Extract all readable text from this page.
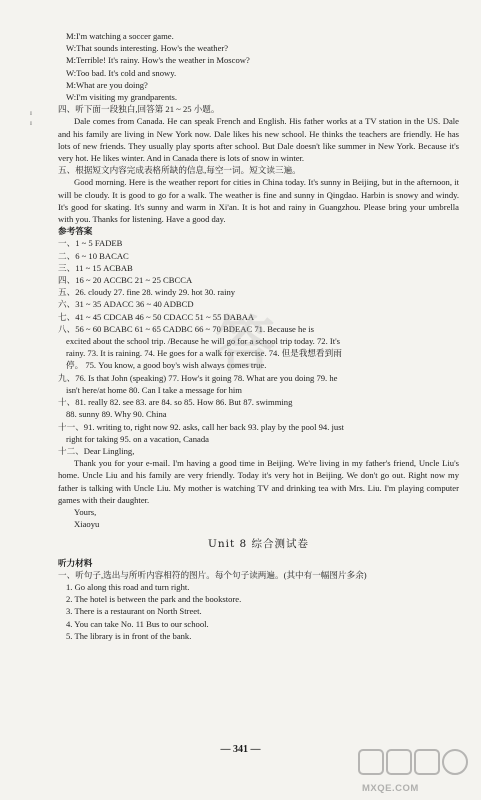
ɪ
ɪ
M:I'm watching a soccer game.
W:That sounds interesting. How's the weather?
M:Terrible! It's rainy. How's the weather in Moscow?
W:Too bad. It's cold and snowy.
M:What are you doing?
W:I'm visiting my grandparents.
四、听下面一段独白,回答第 21 ~ 25 小题。
Dale comes from Canada. He can speak French and English. His father works at a TV station in the US. Dale and his family are living in New York now. Dale likes his new school. He thinks the teachers are friendly. He has lots of new friends. They usually play sports after school. But Dale doesn't like summer in New York. Because it's very hot. He likes winter. And in Canada there is lots of snow in winter.
五、根据短文内容完成表格所缺的信息,每空一词。短文读三遍。
Good morning. Here is the weather report for cities in China today. It's sunny in Beijing, but in the afternoon, it will be cloudy. It is good to go for a walk. The weather is fine and sunny in Qingdao. Harbin is snowy and windy. It's good for skating. It's sunny and warm in Xi'an. It is hot and rainy in Guangzhou. Please bring your umbrella with you. Thanks for listening. Have a good day.
参考答案
一、1 ~ 5 FADEB
二、6 ~ 10 BACAC
三、11 ~ 15 ACBAB
四、16 ~ 20 ACCBC 21 ~ 25 CBCCA
五、26. cloudy 27. fine 28. windy 29. hot 30. rainy
六、31 ~ 35 ADACC 36 ~ 40 ADBCD
七、41 ~ 45 CDCAB 46 ~ 50 CDACC 51 ~ 55 DABAA
八、56 ~ 60 BCABC 61 ~ 65 CADBC 66 ~ 70 BDEAC 71. Because he is
excited about the school trip. /Because he will go for a school trip today. 72. It's
rainy. 73. It is raining. 74. He goes for a walk for exercise. 74. 但是我想看到雨
停。 75. You know, a good boy's wish always comes true.
九、76. Is that John (speaking) 77. How's it going 78. What are you doing 79. he
isn't here/at home 80. Can I take a message for him
十、81. really 82. see 83. are 84. so 85. How 86. But 87. swimming
88. sunny 89. Why 90. China
十一、91. writing to, right now 92. asks, call her back 93. play by the pool 94. just
right for taking 95. on a vacation, Canada
十二、Dear Lingling,
Thank you for your e-mail. I'm having a good time in Beijing. We're living in my father's friend, Uncle Liu's home. Uncle Liu and his family are very friendly. Today it's very hot in Beijing. We don't go out. Right now my father is talking with Uncle Liu. My mother is watching TV and drinking tea with Mrs. Liu. I'm playing computer games with their daughter.
Yours,
Xiaoyu
Unit 8 综合测试卷
听力材料
一、听句子,选出与所听内容相符的图片。每个句子读两遍。(其中有一幅图片多余)
1. Go along this road and turn right.
2. The hotel is between the park and the bookstore.
3. There is a restaurant on North Street.
4. You can take No. 11 Bus to our school.
5. The library is in front of the bank.
答
— 341 —
MXQE.COM
